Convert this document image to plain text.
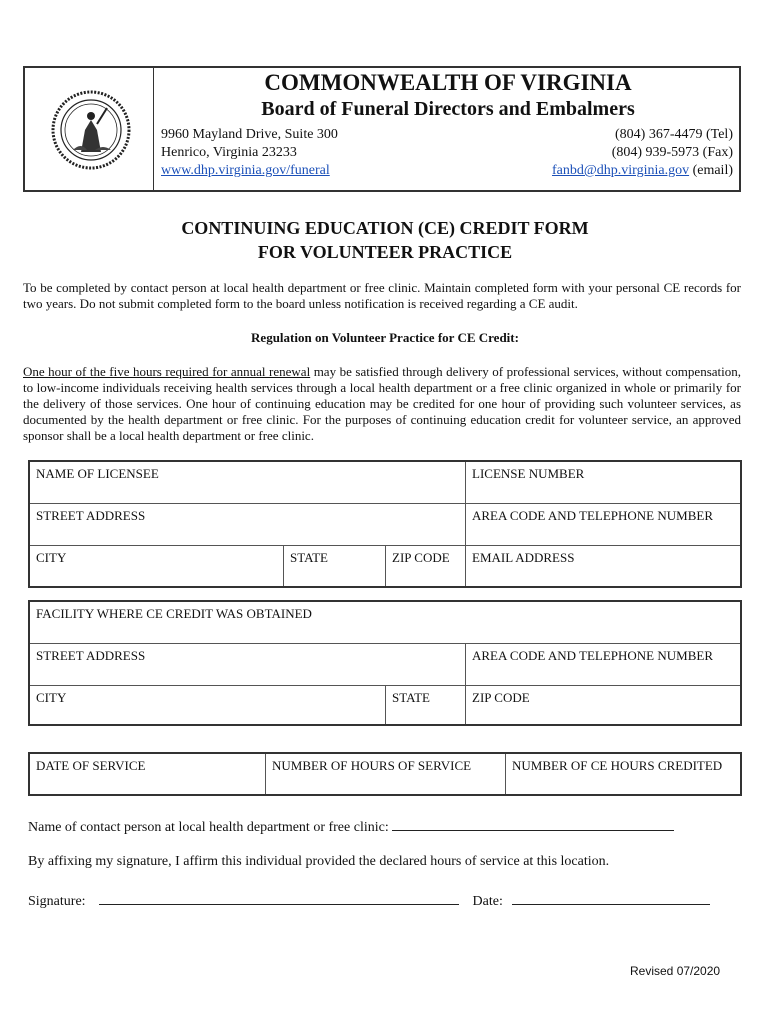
COMMONWEALTH OF VIRGINIA
Board of Funeral Directors and Embalmers
9960 Mayland Drive, Suite 300
Henrico, Virginia 23233
www.dhp.virginia.gov/funeral
(804) 367-4479 (Tel)
(804) 939-5973 (Fax)
fanbd@dhp.virginia.gov (email)
CONTINUING EDUCATION (CE) CREDIT FORM
FOR VOLUNTEER PRACTICE
To be completed by contact person at local health department or free clinic. Maintain completed form with your personal CE records for two years. Do not submit completed form to the board unless notification is received regarding a CE audit.
Regulation on Volunteer Practice for CE Credit:
One hour of the five hours required for annual renewal may be satisfied through delivery of professional services, without compensation, to low-income individuals receiving health services through a local health department or a free clinic organized in whole or primarily for the delivery of those services. One hour of continuing education may be credited for one hour of providing such volunteer services, as documented by the health department or free clinic. For the purposes of continuing education credit for volunteer service, an approved sponsor shall be a local health department or free clinic.
NAME OF LICENSEE	LICENSE NUMBER
STREET ADDRESS	AREA CODE AND TELEPHONE NUMBER
CITY	STATE	ZIP CODE	EMAIL ADDRESS
FACILITY WHERE CE CREDIT WAS OBTAINED
STREET ADDRESS	AREA CODE AND TELEPHONE NUMBER
CITY	STATE	ZIP CODE
DATE OF SERVICE	NUMBER OF HOURS OF SERVICE	NUMBER OF CE HOURS CREDITED
Name of contact person at local health department or free clinic:
By affixing my signature, I affirm this individual provided the declared hours of service at this location.
Signature:	Date:
Revised 07/2020
